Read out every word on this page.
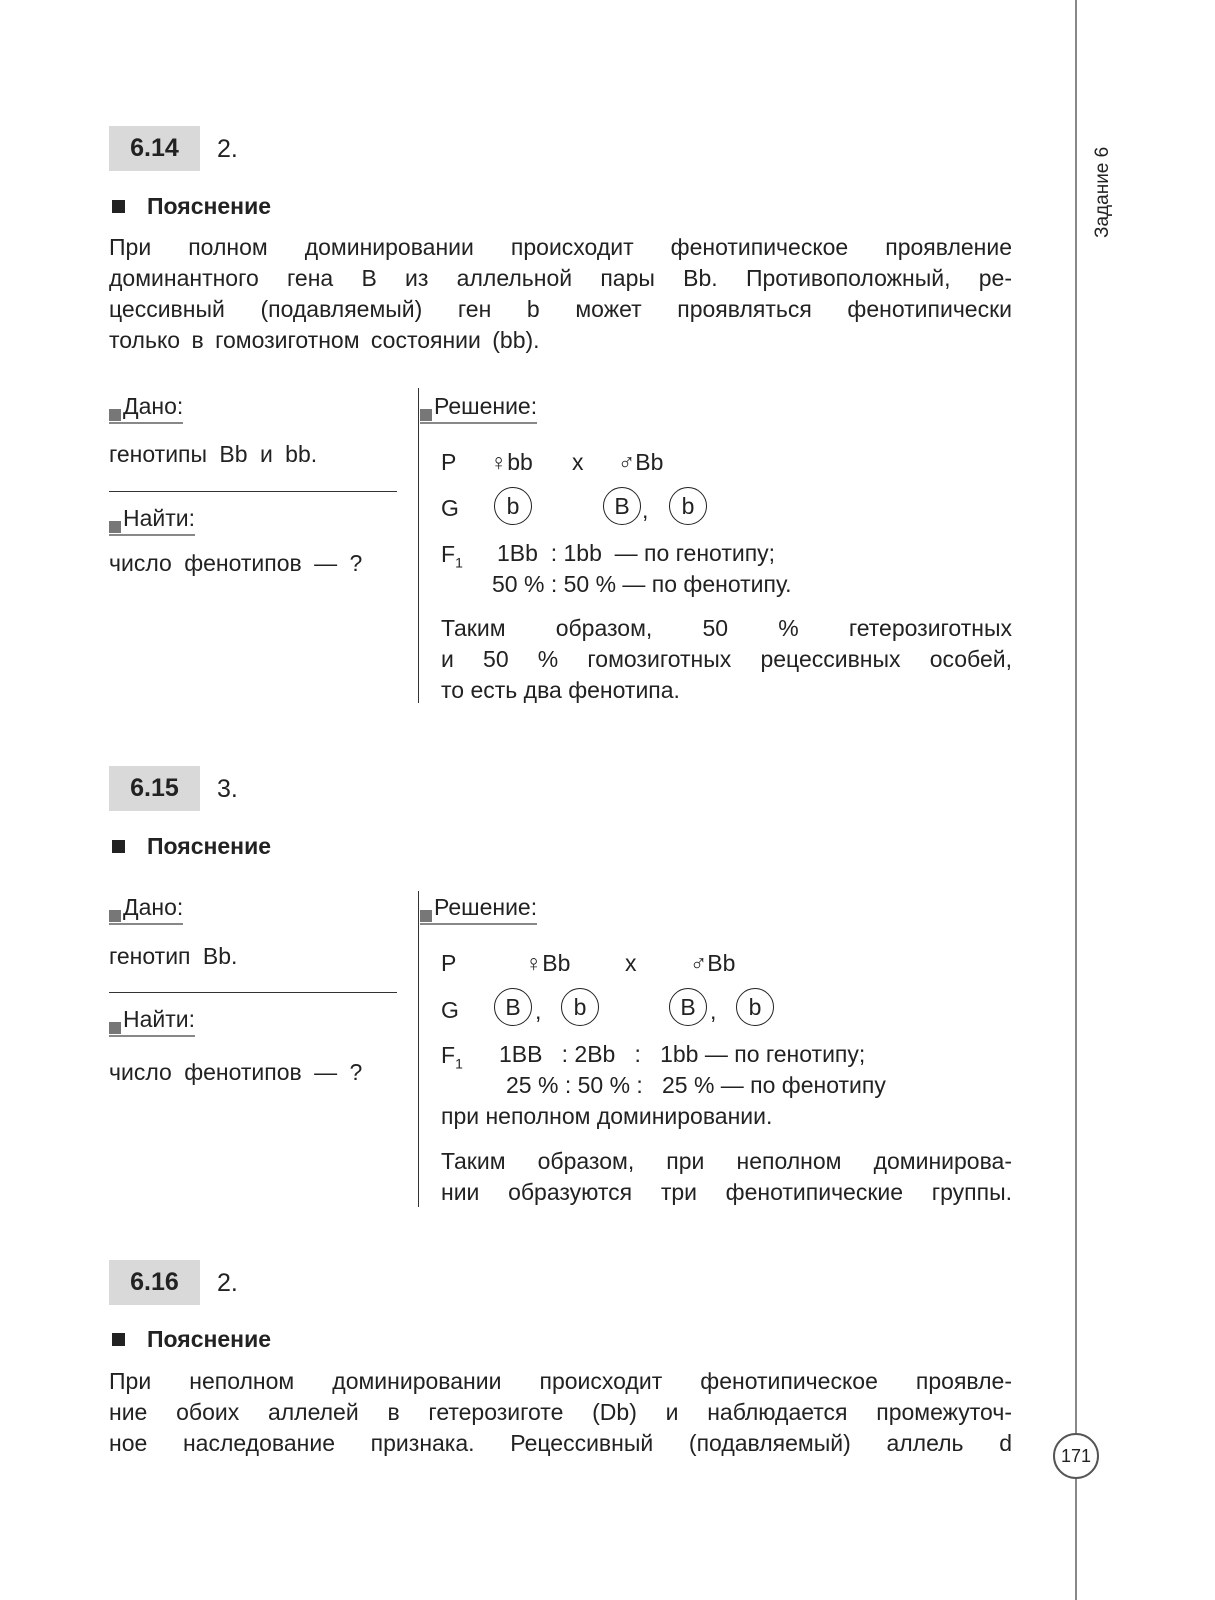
Задание 6
6.14	2.
Пояснение
При полном доминировании происходит фенотипическое проявление
доминантного гена B из аллельной пары Bb. Противоположный, ре-
цессивный (подавляемый) ген b может проявляться фенотипически
только в гомозиготном состоянии (bb).
Дано:
генотипы Bb и bb.
Найти:
число фенотипов — ?
Решение:
P ♀bb x ♂Bb
G	b	B ,	b
$F_1$ 1Bb  : 1bb  — по генотипу;
50 % : 50 % — по фенотипу.
Таким образом, 50 % гетерозиготных
и 50 % гомозиготных рецессивных особей,
то есть два фенотипа.
6.15	3.
Пояснение
Дано:
генотип Bb.
Найти:
число фенотипов — ?
Решение:
P	♀Bb x ♂Bb
G	B ,	b	B ,	b
$F_1$ 1BB   : 2Bb   :   1bb — по генотипу;
25 % : 50 % :   25 % — по фенотипу
при неполном доминировании.
Таким образом, при неполном доминирова-
нии образуются три фенотипические группы.
6.16	2.
Пояснение
При неполном доминировании происходит фенотипическое проявле-
ние обоих аллелей в гетерозиготе (Db) и наблюдается промежуточ-
ное наследование признака. Рецессивный (подавляемый) аллель d	171
